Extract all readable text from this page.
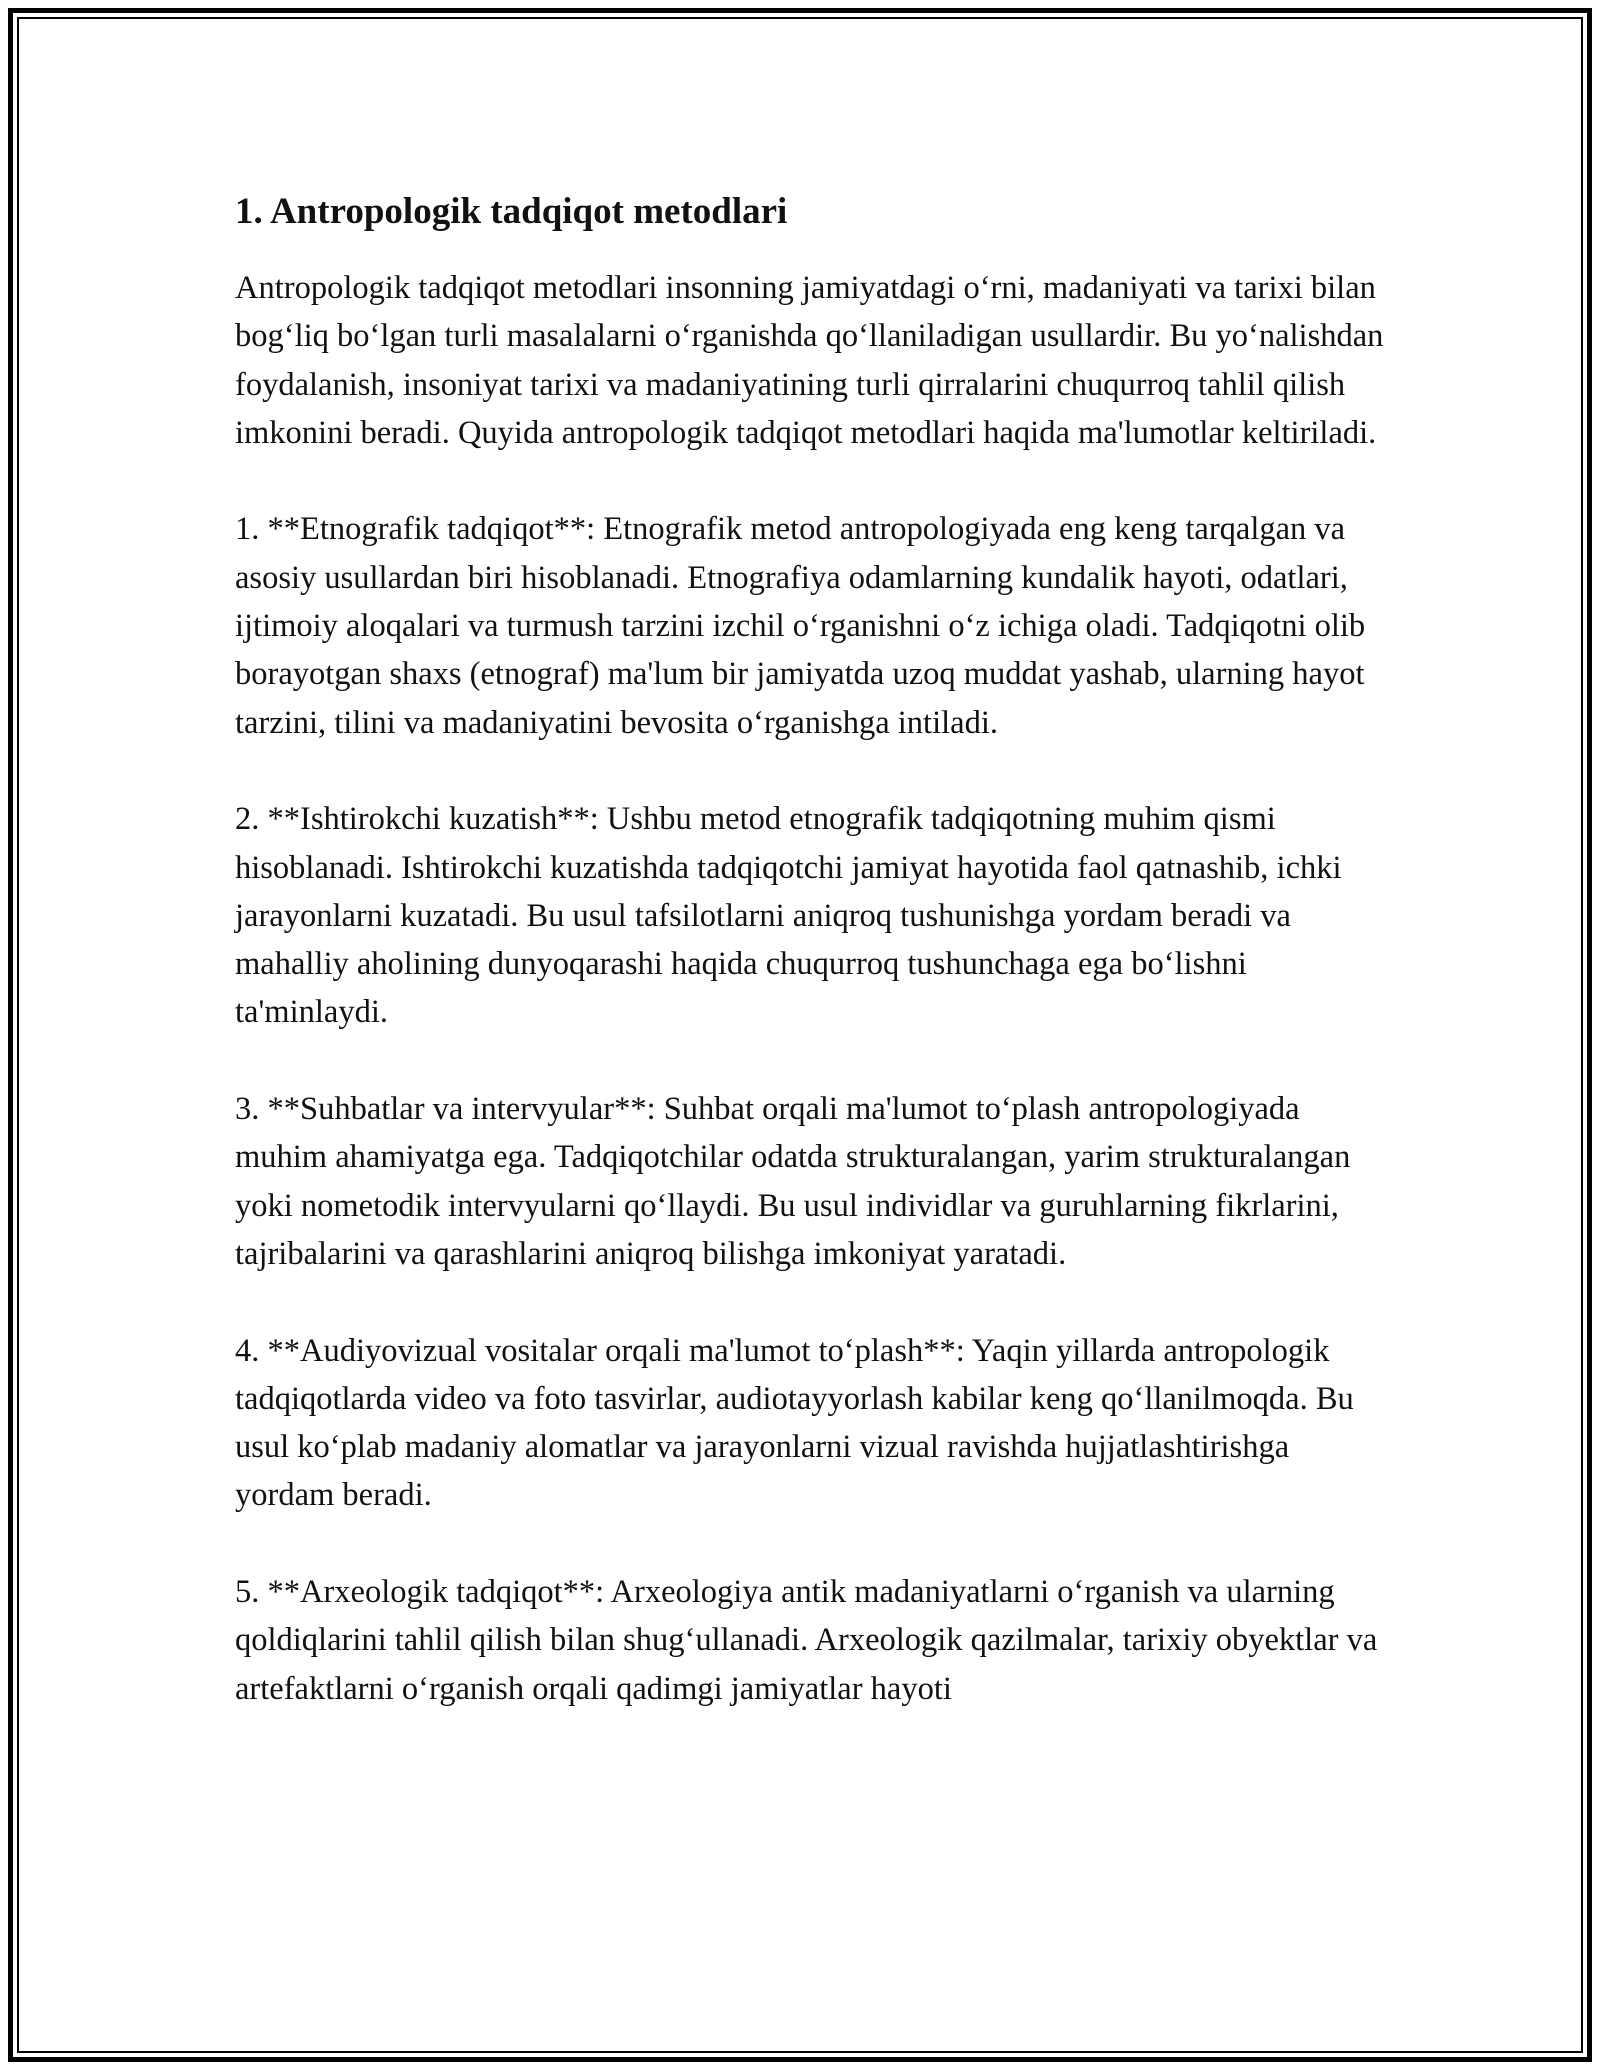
1. Antropologik tadqiqot metodlari

Antropologik tadqiqot metodlari insonning jamiyatdagi o‘rni, madaniyati va tarixi bilan bog‘liq bo‘lgan turli masalalarni o‘rganishda qo‘llaniladigan usullardir. Bu yo‘nalishdan foydalanish, insoniyat tarixi va madaniyatining turli qirralarini chuqurroq tahlil qilish imkonini beradi. Quyida antropologik tadqiqot metodlari haqida ma'lumotlar keltiriladi.

1. **Etnografik tadqiqot**: Etnografik metod antropologiyada eng keng tarqalgan va asosiy usullardan biri hisoblanadi. Etnografiya odamlarning kundalik hayoti, odatlari, ijtimoiy aloqalari va turmush tarzini izchil o‘rganishni o‘z ichiga oladi. Tadqiqotni olib borayotgan shaxs (etnograf) ma'lum bir jamiyatda uzoq muddat yashab, ularning hayot tarzini, tilini va madaniyatini bevosita o‘rganishga intiladi.

2. **Ishtirokchi kuzatish**: Ushbu metod etnografik tadqiqotning muhim qismi hisoblanadi. Ishtirokchi kuzatishda tadqiqotchi jamiyat hayotida faol qatnashib, ichki jarayonlarni kuzatadi. Bu usul tafsilotlarni aniqroq tushunishga yordam beradi va mahalliy aholining dunyoqarashi haqida chuqurroq tushunchaga ega bo‘lishni ta'minlaydi.

3. **Suhbatlar va intervyular**: Suhbat orqali ma'lumot to‘plash antropologiyada muhim ahamiyatga ega. Tadqiqotchilar odatda strukturalangan, yarim strukturalangan yoki nometodik intervyularni qo‘llaydi. Bu usul individlar va guruhlarning fikrlarini, tajribalarini va qarashlarini aniqroq bilishga imkoniyat yaratadi.

4. **Audiyovizual vositalar orqali ma'lumot to‘plash**: Yaqin yillarda antropologik tadqiqotlarda video va foto tasvirlar, audiotayyorlash kabilar keng qo‘llanilmoqda. Bu usul ko‘plab madaniy alomatlar va jarayonlarni vizual ravishda hujjatlashtirishga yordam beradi.

5. **Arxeologik tadqiqot**: Arxeologiya antik madaniyatlarni o‘rganish va ularning qoldiqlarini tahlil qilish bilan shug‘ullanadi. Arxeologik qazilmalar, tarixiy obyektlar va artefaktlarni o‘rganish orqali qadimgi jamiyatlar hayoti
